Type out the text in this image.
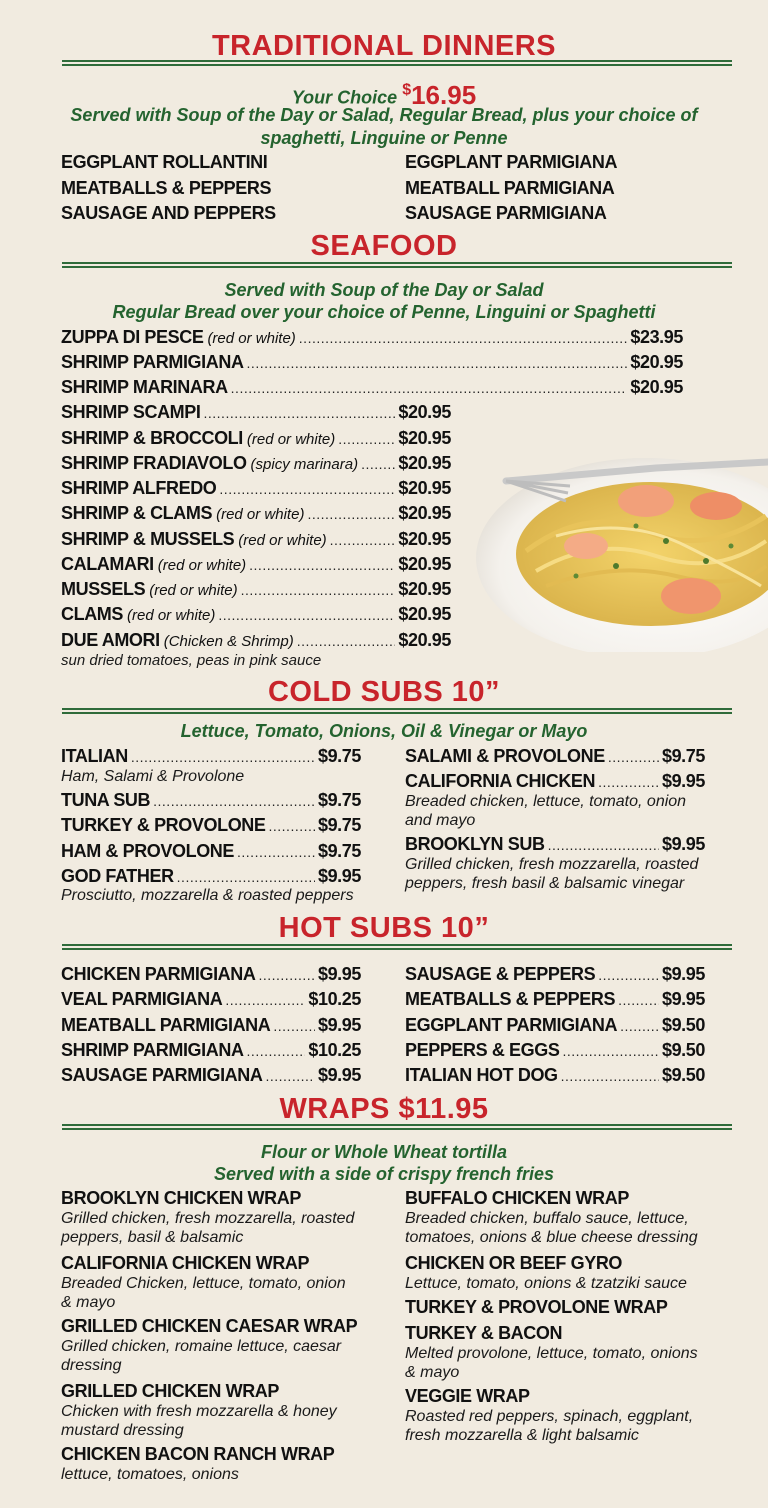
TRADITIONAL DINNERS
Your Choice $16.95
Served with Soup of the Day or Salad, Regular Bread, plus your choice of
spaghetti, Linguine or Penne
EGGPLANT ROLLANTINI
MEATBALLS & PEPPERS
SAUSAGE AND PEPPERS
EGGPLANT PARMIGIANA
MEATBALL PARMIGIANA
SAUSAGE PARMIGIANA
SEAFOOD
Served with Soup of the Day or Salad
Regular Bread over your choice of Penne, Linguini or Spaghetti
ZUPPA DI PESCE (red or white) .....	$23.95
SHRIMP PARMIGIANA .....	$20.95
SHRIMP MARINARA .....	$20.95
SHRIMP SCAMPI .....	$20.95
SHRIMP & BROCCOLI (red or white) .....	$20.95
SHRIMP FRADIAVOLO (spicy marinara) ..... $20.95
SHRIMP ALFREDO .....	$20.95
SHRIMP & CLAMS (red or white) .....	$20.95
SHRIMP & MUSSELS (red or white) .....	$20.95
CALAMARI (red or white) .....	$20.95
MUSSELS (red or white) .....	$20.95
CLAMS (red or white) .....	$20.95
DUE AMORI (Chicken & Shrimp) .....	$20.95
sun dried tomatoes, peas in pink sauce
COLD SUBS 10”
Lettuce, Tomato, Onions, Oil & Vinegar or Mayo
ITALIAN .....	$9.75
Ham, Salami & Provolone
TUNA SUB .....	$9.75
TURKEY & PROVOLONE .....	$9.75
HAM & PROVOLONE .....	$9.75
GOD FATHER .....	$9.95
Prosciutto, mozzarella & roasted peppers
SALAMI & PROVOLONE .....	$9.75
CALIFORNIA CHICKEN .....	$9.95
Breaded chicken, lettuce, tomato, onion
and mayo
BROOKLYN SUB .....	$9.95
Grilled chicken, fresh mozzarella, roasted
peppers, fresh basil & balsamic vinegar
HOT SUBS 10”
CHICKEN PARMIGIANA .....	$9.95
VEAL PARMIGIANA .....	$10.25
MEATBALL PARMIGIANA .....	$9.95
SHRIMP PARMIGIANA .....	$10.25
SAUSAGE PARMIGIANA .....	$9.95
SAUSAGE & PEPPERS .....	$9.95
MEATBALLS & PEPPERS .....	$9.95
EGGPLANT PARMIGIANA ..... $9.50
PEPPERS & EGGS .....	$9.50
ITALIAN HOT DOG .....	$9.50
WRAPS $11.95
Flour or Whole Wheat tortilla
Served with a side of crispy french fries
BROOKLYN CHICKEN WRAP
Grilled chicken, fresh mozzarella, roasted
peppers, basil & balsamic
CALIFORNIA CHICKEN WRAP
Breaded Chicken, lettuce, tomato, onion
& mayo
GRILLED CHICKEN CAESAR WRAP
Grilled chicken, romaine lettuce, caesar
dressing
GRILLED CHICKEN WRAP
Chicken with fresh mozzarella & honey
mustard dressing
CHICKEN BACON RANCH WRAP
lettuce, tomatoes, onions
BUFFALO CHICKEN WRAP
Breaded chicken, buffalo sauce, lettuce,
tomatoes, onions & blue cheese dressing
CHICKEN OR BEEF GYRO
Lettuce, tomato, onions & tzatziki sauce
TURKEY & PROVOLONE WRAP
TURKEY & BACON
Melted provolone, lettuce, tomato, onions
& mayo
VEGGIE WRAP
Roasted red peppers, spinach, eggplant,
fresh mozzarella & light balsamic
